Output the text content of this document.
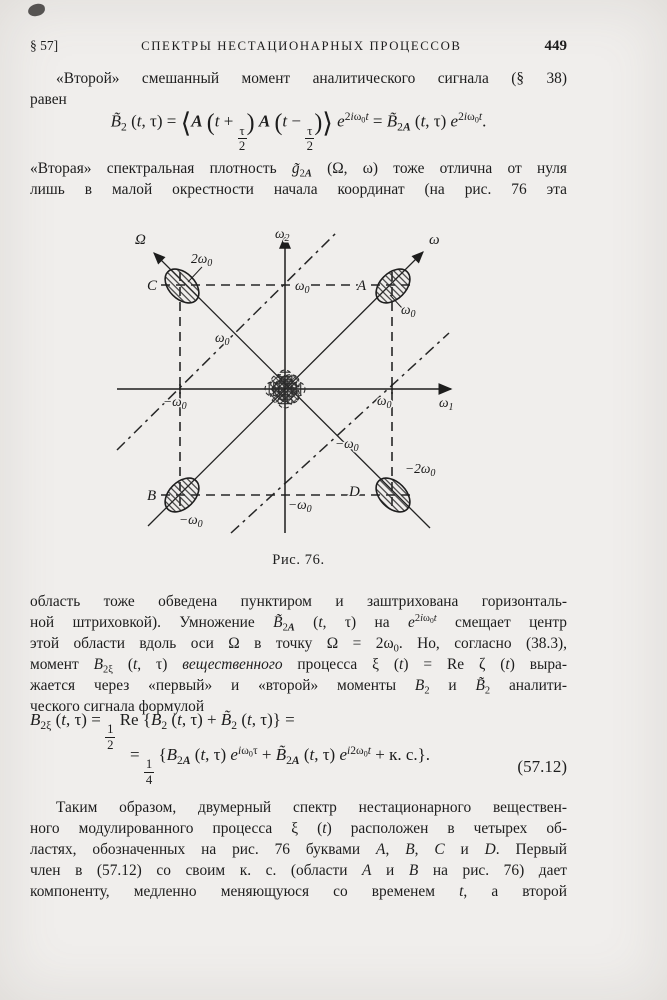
§ 57]	СПЕКТРЫ НЕСТАЦИОНАРНЫХ ПРОЦЕССОВ	449
«Второй» смешанный момент аналитического сигнала (§ 38)
равен
$B̃_2$ (t, τ) = ⟨A (t +
$\frac{\tau}{2}$
) A (t −
$\frac{\tau}{2}$
)⟩ $e^{2i\omega_0t}$ = $B̃_{2A}$ (t, τ) $e^{2i\omega_0t}$.
«Вторая» спектральная плотность $g̃_{2A}$ (Ω, ω) тоже отлична от нуля
лишь в малой окрестности начала координат (на рис. 76 эта
Ω	$\omega_2$	ω
$2\omega_0$
C	$\omega_0$	A
$\omega_0$
$\omega_0$
$-\omega_0$	$\omega_0$	$\omega_1$
$-\omega_0$
$-2\omega_0$
D
B
$-\omega_0$
$-\omega_0$
Рис. 76.
область тоже обведена пунктиром и заштрихована горизонталь-
ной штриховкой). Умножение $B̃_{2A}$ (t, τ) на $e^{2i\omega_0t}$ смещает центр
этой области вдоль оси Ω в точку $\Omega = 2\omega_0$. Но, согласно (38.3),
момент $B_{2\xi}$ (t, τ) вещественного процесса ξ (t) = Re ζ (t) выра-
жается через «первый» и «второй» моменты $B_2$ и $B̃_2$ аналити-
ческого сигнала формулой
$B_{2\xi}$ (t, τ) =
$\frac{1}{2}$
Re {$B_2$ (t, $\tau) + B̃_2$ (t, τ)} =
=
$\frac{1}{4}$
{$B_{2A}$ (t, τ) $e^{i\omega_0\tau}$ + $B̃_{2A}$ (t, τ) $e^{i2\omega_0t} + к$. с.}.
(57.12)
Таким образом, двумерный спектр нестационарного веществен-
ного модулированного процесса ξ (t) расположен в четырех об-
ластях, обозначенных на рис. 76 буквами A, B, C и D. Первый
член в (57.12) со своим к. с. (области A и B на рис. 76) дает
компоненту, медленно меняющуюся со временем t, а второй
